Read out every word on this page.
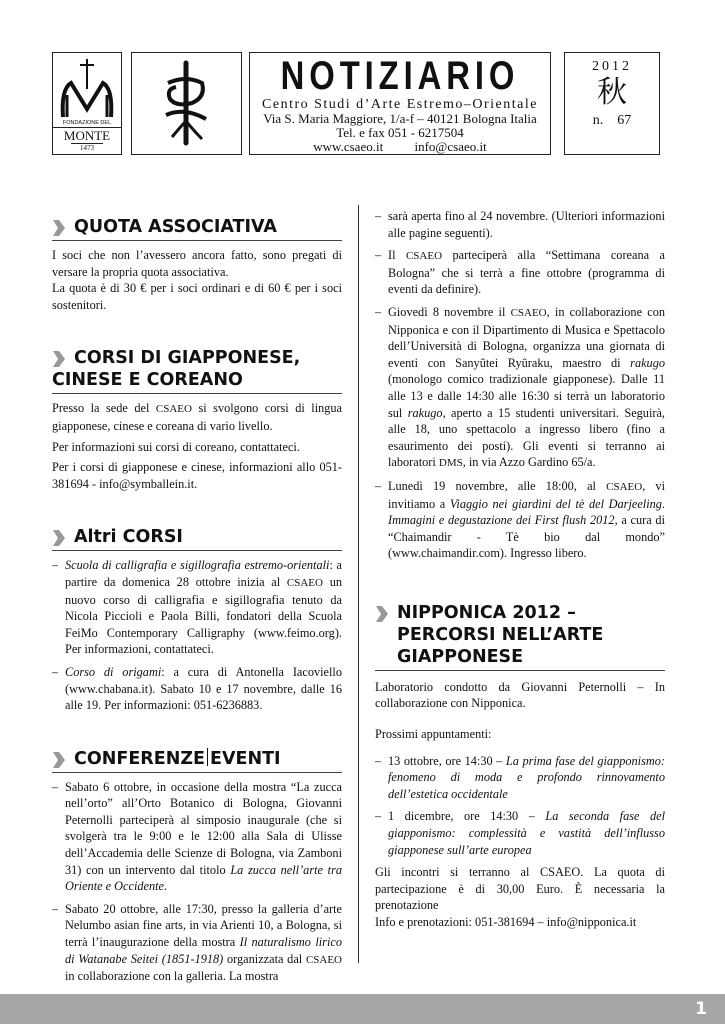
FONDAZIONE DEL
MONTE
1473
NOTIZIARIO
Centro Studi d’Arte Estremo–Orientale
Via S. Maria Maggiore, 1/a-f – 40121 Bologna Italia
Tel. e fax 051 - 6217504
www.csaeo.it info@csaeo.it
2012
秋
n. 67
QUOTA ASSOCIATIVA

I soci che non l’avessero ancora fatto, sono pregati di versare la propria quota associativa.

La quota è di 30 € per i soci ordinari e di 60 € per i soci sostenitori.

CORSI DI GIAPPONESE,
CINESE E COREANO

Presso la sede del CSAEO si svolgono corsi di lingua giapponese, cinese e coreana di vario livello.

Per informazioni sui corsi di coreano, contattateci.

Per i corsi di giapponese e cinese, informazioni allo 051-381694 - info@symballein.it.

Altri CORSI
– Scuola di calligrafia e sigillografia estremo-orientali: a partire da domenica 28 ottobre inizia al CSAEO un nuovo corso di calligrafia e sigillografia tenuto da Nicola Piccioli e Paola Billi, fondatori della Scuola FeiMo Contemporary Calligraphy (www.feimo.org). Per informazioni, contattateci.
– Corso di origami: a cura di Antonella Iacoviello (www.chabana.it). Sabato 10 e 17 novembre, dalle 16 alle 19. Per informazioni: 051-6236883.
CONFERENZE EVENTI
– Sabato 6 ottobre, in occasione della mostra “La zucca nell’orto” all’Orto Botanico di Bologna, Giovanni Peternolli parteciperà al simposio inaugurale (che si svolgerà tra le 9:00 e le 12:00 alla Sala di Ulisse dell’Accademia delle Scienze di Bologna, via Zamboni 31) con un intervento dal titolo La zucca nell’arte tra Oriente e Occidente.
– Sabato 20 ottobre, alle 17:30, presso la galleria d’arte Nelumbo asian fine arts, in via Arienti 10, a Bologna, si terrà l’inaugurazione della mostra Il naturalismo lirico di Watanabe Seitei (1851-1918) organizzata dal CSAEO in collaborazione con la galleria. La mostra
– sarà aperta fino al 24 novembre. (Ulteriori informazioni alle pagine seguenti).
– Il CSAEO parteciperà alla “Settimana coreana a Bologna” che si terrà a fine ottobre (programma di eventi da definire).
– Giovedì 8 novembre il CSAEO, in collaborazione con Nipponica e con il Dipartimento di Musica e Spettacolo dell’Università di Bologna, organizza una giornata di eventi con Sanyûtei Ryûraku, maestro di rakugo (monologo comico tradizionale giapponese). Dalle 11 alle 13 e dalle 14:30 alle 16:30 si terrà un laboratorio sul rakugo, aperto a 15 studenti universitari. Seguirà, alle 18, uno spettacolo a ingresso libero (fino a esaurimento dei posti). Gli eventi si terranno ai laboratori DMS, in via Azzo Gardino 65/a.
– Lunedì 19 novembre, alle 18:00, al CSAEO, vi invitiamo a Viaggio nei giardini del tè del Darjeeling. Immagini e degustazione dei First flush 2012, a cura di “Chaimandir - Tè bio dal mondo” (www.chaimandir.com). Ingresso libero.
NIPPONICA 2012 –
PERCORSI NELL’ARTE
GIAPPONESE

Laboratorio condotto da Giovanni Peternolli – In collaborazione con Nipponica.

Prossimi appuntamenti:

– 13 ottobre, ore 14:30 – La prima fase del giapponismo: fenomeno di moda e profondo rinnovamento dell’estetica occidentale
– 1 dicembre, ore 14:30 – La seconda fase del giapponismo: complessità e vastità dell’influsso giapponese sull’arte europea

Gli incontri si terranno al CSAEO. La quota di partecipazione è di 30,00 Euro. È necessaria la prenotazione

Info e prenotazioni: 051-381694 – info@nipponica.it

1
